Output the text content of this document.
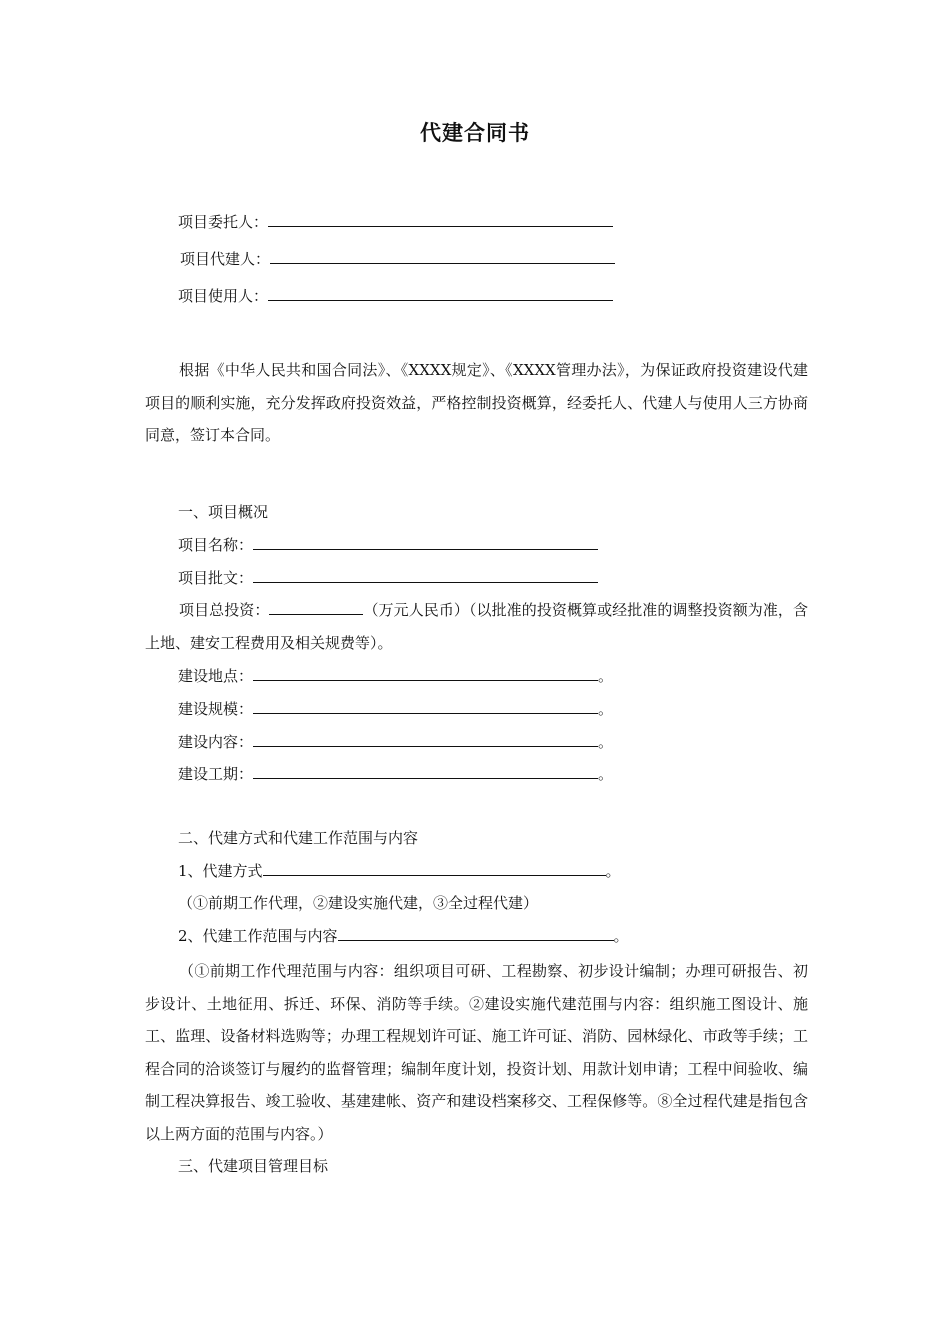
代建合同书
项目委托人：
项目代建人：
项目使用人：

根据《中华人民共和国合同法》、《XXXX规定》、《XXXX管理办法》，为保证政府投资建设代建项目的顺利实施，充分发挥政府投资效益，严格控制投资概算，经委托人、代建人与使用人三方协商同意，签订本合同。

一、项目概况
项目名称：
项目批文：

项目总投资：	（万元人民币）（以批准的投资概算或经批准的调整投资额为准，含上地、建安工程费用及相关规费等）。

建设地点：	。
建设规模：	。
建设内容：	。
建设工期：	。
二、代建方式和代建工作范围与内容
1、代建方式	。
（①前期工作代理，②建设实施代建，③全过程代建）
2、代建工作范围与内容	。

（①前期工作代理范围与内容：组织项目可研、工程勘察、初步设计编制；办理可研报告、初步设计、土地征用、拆迁、环保、消防等手续。②建设实施代建范围与内容：组织施工图设计、施工、监理、设备材料选购等；办理工程规划许可证、施工许可证、消防、园林绿化、市政等手续；工程合同的洽谈签订与履约的监督管理；编制年度计划，投资计划、用款计划申请；工程中间验收、编制工程决算报告、竣工验收、基建建帐、资产和建设档案移交、工程保修等。⑧全过程代建是指包含以上两方面的范围与内容。）

三、代建项目管理目标
